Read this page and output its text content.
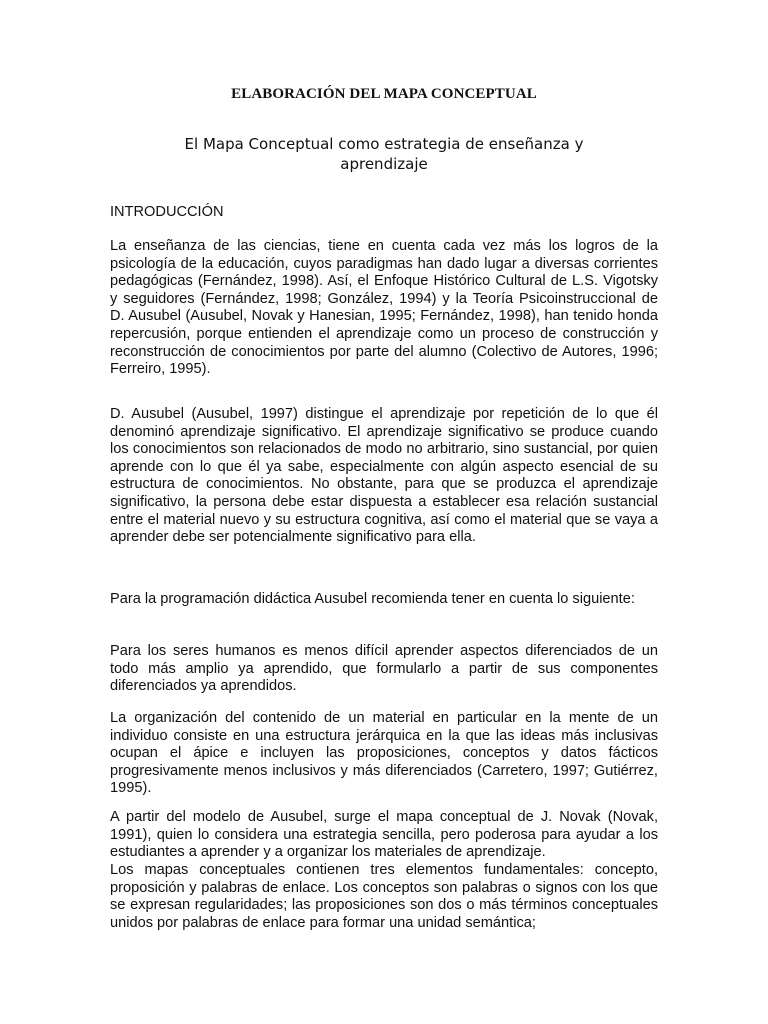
ELABORACIÓN DEL MAPA CONCEPTUAL
El Mapa Conceptual como estrategia de enseñanza y aprendizaje

INTRODUCCIÓN

La enseñanza de las ciencias, tiene en cuenta cada vez más los logros de la psicología de la educación, cuyos paradigmas han dado lugar a diversas corrientes pedagógicas (Fernández, 1998). Así, el Enfoque Histórico Cultural de L.S. Vigotsky y seguidores (Fernández, 1998; González, 1994) y la Teoría Psicoinstruccional de D. Ausubel (Ausubel, Novak y Hanesian, 1995; Fernández, 1998), han tenido honda repercusión, porque entienden el aprendizaje como un proceso de construcción y reconstrucción de conocimientos por parte del alumno (Colectivo de Autores, 1996; Ferreiro, 1995).

D. Ausubel (Ausubel, 1997) distingue el aprendizaje por repetición de lo que él denominó aprendizaje significativo. El aprendizaje significativo se produce cuando los conocimientos son relacionados de modo no arbitrario, sino sustancial, por quien aprende con lo que él ya sabe, especialmente con algún aspecto esencial de su estructura de conocimientos. No obstante, para que se produzca el aprendizaje significativo, la persona debe estar dispuesta a establecer esa relación sustancial entre el material nuevo y su estructura cognitiva, así como el material que se vaya a aprender debe ser potencialmente significativo para ella.

Para la programación didáctica Ausubel recomienda tener en cuenta lo siguiente:

Para los seres humanos es menos difícil aprender aspectos diferenciados de un todo más amplio ya aprendido, que formularlo a partir de sus componentes diferenciados ya aprendidos.

La organización del contenido de un material en particular en la mente de un individuo consiste en una estructura jerárquica en la que las ideas más inclusivas ocupan el ápice e incluyen las proposiciones, conceptos y datos fácticos progresivamente menos inclusivos y más diferenciados (Carretero, 1997; Gutiérrez, 1995).

A partir del modelo de Ausubel, surge el mapa conceptual de J. Novak (Novak, 1991), quien lo considera una estrategia sencilla, pero poderosa para ayudar a los estudiantes a aprender y a organizar los materiales de aprendizaje.

Los mapas conceptuales contienen tres elementos fundamentales: concepto, proposición y palabras de enlace. Los conceptos son palabras o signos con los que se expresan regularidades; las proposiciones son dos o más términos conceptuales unidos por palabras de enlace para formar una unidad semántica;
